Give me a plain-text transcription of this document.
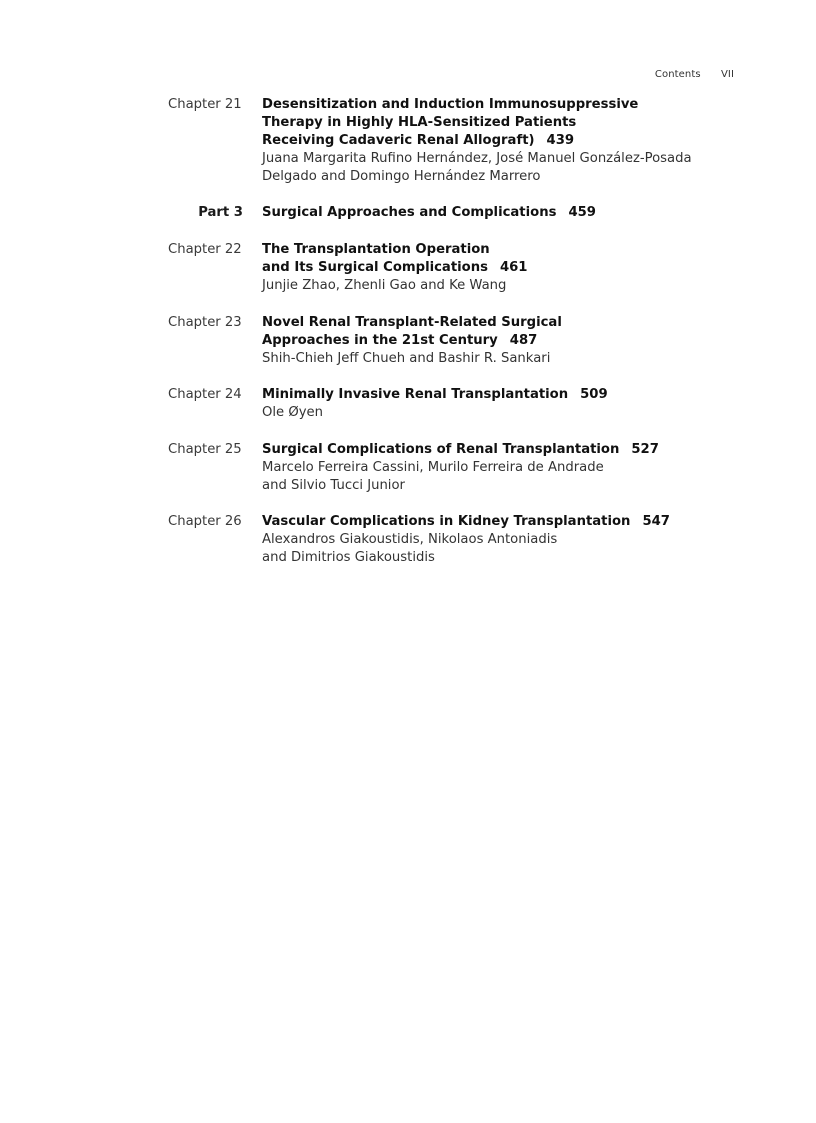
Contents VII
Chapter 21 Desensitization and Induction Immunosuppressive
Therapy in Highly HLA-Sensitized Patients
Receiving Cadaveric Renal Allograft) 439
Juana Margarita Rufino Hernández, José Manuel González-Posada
Delgado and Domingo Hernández Marrero
Part 3 Surgical Approaches and Complications 459
Chapter 22 The Transplantation Operation
and Its Surgical Complications 461
Junjie Zhao, Zhenli Gao and Ke Wang
Chapter 23 Novel Renal Transplant-Related Surgical
Approaches in the 21st Century 487
Shih-Chieh Jeff Chueh and Bashir R. Sankari
Chapter 24 Minimally Invasive Renal Transplantation 509
Ole Øyen
Chapter 25 Surgical Complications of Renal Transplantation 527
Marcelo Ferreira Cassini, Murilo Ferreira de Andrade
and Silvio Tucci Junior
Chapter 26 Vascular Complications in Kidney Transplantation 547
Alexandros Giakoustidis, Nikolaos Antoniadis
and Dimitrios Giakoustidis
